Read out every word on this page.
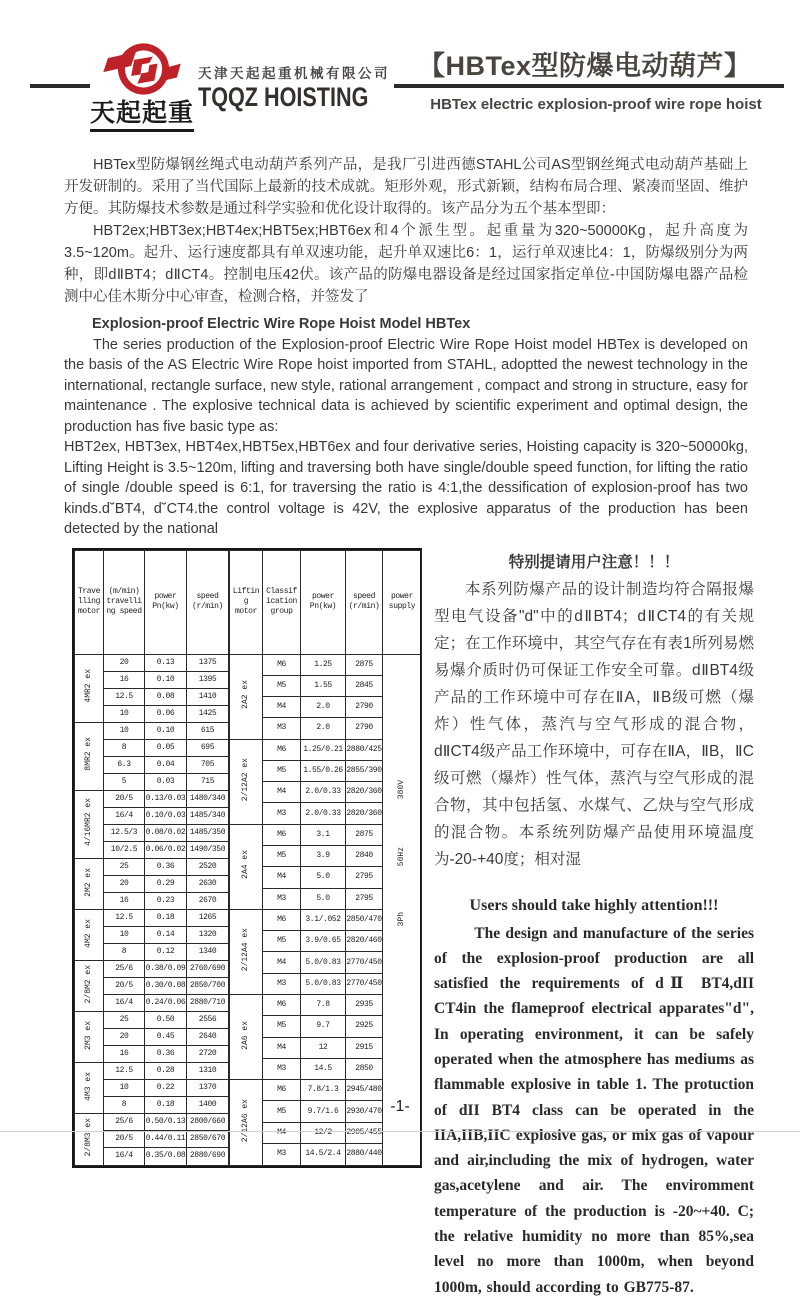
天起起重
天津天起起重机械有限公司
TQQZ HOISTING
【HBTex型防爆电动葫芦】
HBTex electric explosion-proof wire rope hoist

HBTex型防爆钢丝绳式电动葫芦系列产品，是我厂引进西德STAHL公司AS型钢丝绳式电动葫芦基础上开发研制的。采用了当代国际上最新的技术成就。矩形外观，形式新颖，结构布局合理、紧凑而坚固、维护方便。其防爆技术参数是通过科学实验和优化设计取得的。该产品分为五个基本型即：

HBT2ex;HBT3ex;HBT4ex;HBT5ex;HBT6ex和4个派生型。起重量为320~50000Kg，起升高度为3.5~120m。起升、运行速度都具有单双速功能，起升单双速比6：1，运行单双速比4：1，防爆级别分为两种，即dⅡBT4；dⅡCT4。控制电压42伏。该产品的防爆电器设备是经过国家指定单位-中国防爆电器产品检测中心佳木斯分中心审查，检测合格，并签发了

Explosion-proof Electric Wire Rope Hoist Model HBTex

The series production of the Explosion-proof Electric Wire Rope Hoist model HBTex is developed on the basis of the AS Electric Wire Rope hoist imported from STAHL, adoptted the newest technology in the international, rectangle surface, new style, rational arrangement , compact and strong in structure, easy for maintenance . The explosive technical data is achieved by scientific experiment and optimal design, the production has five basic type as:

HBT2ex, HBT3ex, HBT4ex,HBT5ex,HBT6ex and four derivative series, Hoisting capacity is 320~50000kg, Lifting Height is 3.5~120m, lifting and traversing both have single/double speed function, for lifting the ratio of single /double speed is 6:1, for traversing the ratio is 4:1,the dessification of explosion-proof has two kinds.d˘BT4, d˘CT4.the control voltage is 42V, the explosive apparatus of the production has been detected by the national

Travelling motor	(m/min) travelling speed	power Pn(kw)	speed (r/min)
4MR2 ex	20	0.13	1375
	16	0.10	1395
	12.5	0.08	1410
	10	0.06	1425
8MR2 ex	10	0.10	615
	8	0.05	695
	6.3	0.04	705
	5	0.03	715
4/16MR2 ex	20/5	0.13/0.03	1480/340
	16/4	0.10/0.03	1485/340
	12.5/3	0.08/0.02	1485/350
	10/2.5	0.06/0.02	1490/350
2M2 ex	25	0.36	2520
	20	0.29	2630
	16	0.23	2670
4M2 ex	12.5	0.18	1265
	10	0.14	1320
	8	0.12	1340
2/8M2 ex	25/6	0.38/0.09	2760/690
	20/5	0.30/0.08	2850/700
	16/4	0.24/0.06	2880/710
2M3 ex	25	0.50	2556
	20	0.45	2640
	16	0.36	2720
4M3 ex	12.5	0.28	1310
	10	0.22	1370
	8	0.18	1400
2/8M3 ex	25/6	0.50/0.13	2800/660
	20/5	0.44/0.11	2850/670
	16/4	0.35/0.08	2880/690
Lifting motor	Classification group	power Pn(kw)	speed (r/min)	power supply
2A2 ex	M6	1.25	2875	380V
50Hz
3Ph

	M5	1.55	2845	
	M4	2.0	2790	
	M3	2.0	2790	
2/12A2 ex	M6	1.25/0.21	2880/425	
	M5	1.55/0.26	2855/390	
	M4	2.0/0.33	2820/360	
	M3	2.0/0.33	2820/360	
2A4 ex	M6	3.1	2875	
	M5	3.9	2840	
	M4	5.0	2795	
	M3	5.0	2795	
2/12A4 ex	M6	3.1/.052	2850/470	
	M5	3.9/0.65	2820/460	
	M4	5.0/0.83	2770/450	
	M3	5.0/0.83	2770/450	
2A6 ex	M6	7.8	2935	
	M5	9.7	2925	
	M4	12	2915	
	M3	14.5	2850	
2/12A6 ex	M6	7.8/1.3	2945/480	
	M5	9.7/1.6	2930/470	
	M4	12/2	2905/455	
	M3	14.5/2.4	2880/440	
特别提请用户注意！！！
本系列防爆产品的设计制造均符合隔报爆型电气设备"d"中的dⅡBT4；dⅡCT4的有关规定；在工作环境中，其空气存在有表1所列易燃易爆介质时仍可保证工作安全可靠。dⅡBT4级产品的工作环境中可存在ⅡA，ⅡB级可燃（爆炸）性气体，蒸汽与空气形成的混合物，dⅡCT4级产品工作环境中，可存在ⅡA，ⅡB，ⅡC级可燃（爆炸）性气体，蒸汽与空气形成的混合物，其中包括氢、水煤气、乙炔与空气形成的混合物。本系统列防爆产品使用环境温度为-20-+40度；相对湿
Users should take highly attention!!!
The design and manufacture of the series of the explosion-proof production are all satisfied the requirements of dⅡ BT4,dII CT4in the flameproof electrical apparates"d", In operating environment, it can be safely operated when the atmosphere has mediums as flammable explosive in table 1. The protuction of dII BT4 class can be operated in the IIA,IIB,IIC explosive gas, or mix gas of vapour and air,including the mix of hydrogen, water gas,acetylene and air. The enviromment temperature of the production is -20~+40. C; the relative humidity no more than 85%,sea level no more than 1000m, when beyond 1000m, should according to GB775-87.
-1-
